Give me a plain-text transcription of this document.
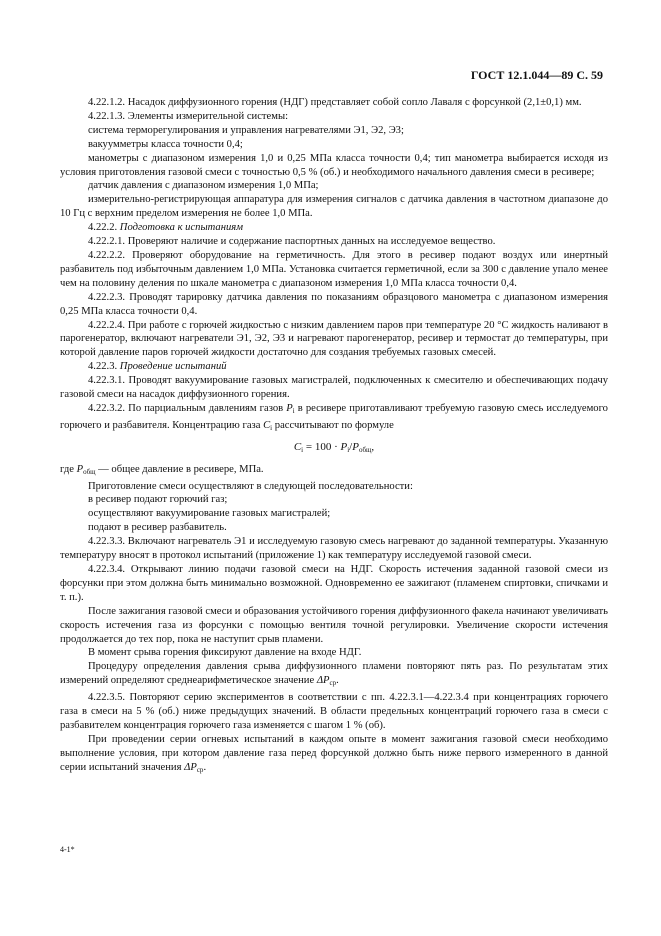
ГОСТ 12.1.044—89 С. 59

4.22.1.2. Насадок диффузионного горения (НДГ) представляет собой сопло Лаваля с форсункой (2,1±0,1) мм.

4.22.1.3. Элементы измерительной системы:

система терморегулирования и управления нагревателями Э1, Э2, Э3;

вакуумметры класса точности 0,4;

манометры с диапазоном измерения 1,0 и 0,25 МПа класса точности 0,4; тип манометра выбирается исходя из условия приготовления газовой смеси с точностью 0,5 % (об.) и необходимого начального давления смеси в ресивере;

датчик давления с диапазоном измерения 1,0 МПа;

измерительно-регистрирующая аппаратура для измерения сигналов с датчика давления в частотном диапазоне до 10 Гц с верхним пределом измерения не более 1,0 МПа.

4.22.2. Подготовка к испытаниям

4.22.2.1. Проверяют наличие и содержание паспортных данных на исследуемое вещество.

4.22.2.2. Проверяют оборудование на герметичность. Для этого в ресивер подают воздух или инертный разбавитель под избыточным давлением 1,0 МПа. Установка считается герметичной, если за 300 с давление упало менее чем на половину деления по шкале манометра с диапазоном измерения 1,0 МПа класса точности 0,4.

4.22.2.3. Проводят тарировку датчика давления по показаниям образцового манометра с диапазоном измерения 0,25 МПа класса точности 0,4.

4.22.2.4. При работе с горючей жидкостью с низким давлением паров при температуре 20 °С жидкость наливают в парогенератор, включают нагреватели Э1, Э2, Э3 и нагревают парогенератор, ресивер и термостат до температуры, при которой давление паров горючей жидкости достаточно для создания требуемых газовых смесей.

4.22.3. Проведение испытаний

4.22.3.1. Проводят вакуумирование газовых магистралей, подключенных к смесителю и обеспечивающих подачу газовой смеси на насадок диффузионного горения.

4.22.3.2. По парциальным давлениям газов $P_i$ в ресивере приготавливают требуемую газовую смесь исследуемого горючего и разбавителя. Концентрацию газа $C_i$ рассчитывают по формуле

$C_i = 100 \cdot P_i/P_{общ}$,

где $P_{общ}$ — общее давление в ресивере, МПа.

Приготовление смеси осуществляют в следующей последовательности:

в ресивер подают горючий газ;

осуществляют вакуумирование газовых магистралей;

подают в ресивер разбавитель.

4.22.3.3. Включают нагреватель Э1 и исследуемую газовую смесь нагревают до заданной температуры. Указанную температуру вносят в протокол испытаний (приложение 1) как температуру исследуемой газовой смеси.

4.22.3.4. Открывают линию подачи газовой смеси на НДГ. Скорость истечения заданной газовой смеси из форсунки при этом должна быть минимально возможной. Одновременно ее зажигают (пламенем спиртовки, спичками и т. п.).

После зажигания газовой смеси и образования устойчивого горения диффузионного факела начинают увеличивать скорость истечения газа из форсунки с помощью вентиля точной регулировки. Увеличение скорости истечения продолжается до тех пор, пока не наступит срыв пламени.

В момент срыва горения фиксируют давление на входе НДГ.

Процедуру определения давления срыва диффузионного пламени повторяют пять раз. По результатам этих измерений определяют среднеарифметическое значение $\Delta P_{ср}$.

4.22.3.5. Повторяют серию экспериментов в соответствии с пп. 4.22.3.1—4.22.3.4 при концентрациях горючего газа в смеси на 5 % (об.) ниже предыдущих значений. В области предельных концентраций горючего газа в смеси с разбавителем концентрация горючего газа изменяется с шагом 1 % (об).

При проведении серии огневых испытаний в каждом опыте в момент зажигания газовой смеси необходимо выполнение условия, при котором давление газа перед форсункой должно быть ниже первого измеренного в данной серии испытаний значения $\Delta P_{ср}$.

4-1*
